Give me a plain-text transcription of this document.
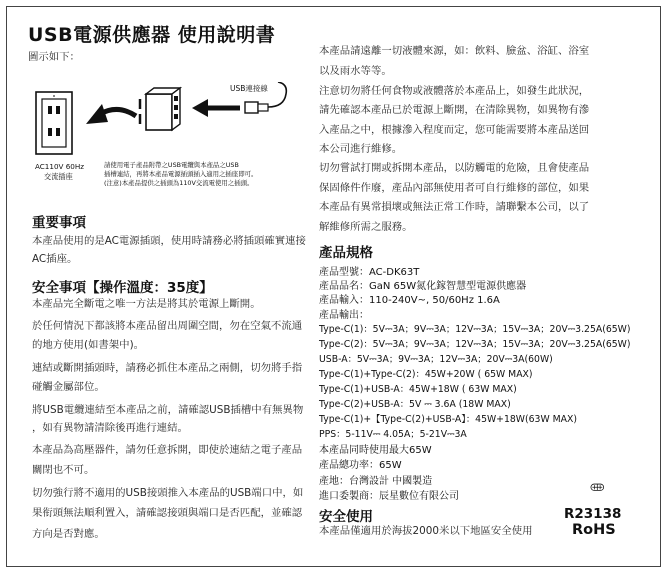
USB電源供應器 使用說明書
圖示如下：
USB連接線
AC110V 60Hz
交流插座
請使用電子產品附帶之USB電纜與本產品之USB
插槽連結，再將本產品電源插頭插入適用之插座即可。
(注意)本產品提供之插頭為110V交流電使用之插頭。
重要事項
本產品使用的是AC電源插頭，使用時請務必將插頭確實連接
AC插座。
安全事項【操作溫度：35度】
本產品完全斷電之唯一方法是將其於電源上斷開。
於任何情況下都該將本產品留出周圍空間，勿在空氣不流通
的地方使用(如書架中)。
連結或斷開插頭時，請務必抓住本產品之兩側，切勿將手指
碰觸金屬部位。
將USB電纜連結至本產品之前，請確認USB插槽中有無異物
，如有異物請清除後再進行連結。
本產品為高壓器件，請勿任意拆開，即使於連結之電子產品
關閉也不可。
切勿強行將不適用的USB接頭推入本產品的USB端口中，如
果衔頭無法順利置入，請確認接頭與端口是否匹配，並確認
方向是否對應。
本產品請遠離一切液體來源，如：飲料、臉盆、浴缸、浴室
以及雨水等等。
注意切勿將任何食物或液體落於本產品上，如發生此狀況，
請先確認本產品已於電源上斷開，在清除異物，如異物有滲
入產品之中，根據滲入程度而定，您可能需要將本產品送回
本公司進行維修。
切勿嘗試打開或拆開本產品，以防觸電的危險，且會使產品
保固條件作廢，產品內部無使用者可自行維修的部位，如果
本產品有異常損壞或無法正常工作時，請聯繫本公司，以了
解維修所需之服務。
產品規格
產品型號：AC-DK63T
產品品名：GaN 65W氮化鎵智慧型電源供應器
產品輸入：110-240V~, 50/60Hz 1.6A
產品輸出：
Type-C(1)：5V⎓3A；9V⎓3A；12V⎓3A；15V⎓3A；20V⎓3.25A(65W)
Type-C(2)：5V⎓3A；9V⎓3A；12V⎓3A；15V⎓3A；20V⎓3.25A(65W)
USB-A：5V⎓3A；9V⎓3A；12V⎓3A；20V⎓3A(60W)
Type-C(1)+Type-C(2)：45W+20W ( 65W MAX)
Type-C(1)+USB-A：45W+18W ( 63W MAX)
Type-C(2)+USB-A：5V ⎓ 3.6A (18W MAX)
Type-C(1)+【Type-C(2)+USB-A】：45W+18W(63W MAX)
PPS：5-11V⎓ 4.05A；5-21V⎓3A
本產品同時使用最大65W
產品總功率：65W
產地：台灣設計 中國製造
進口委製商：辰星數位有限公司
安全使用
本產品僅適用於海拔2000米以下地區安全使用
R23138
RoHS
